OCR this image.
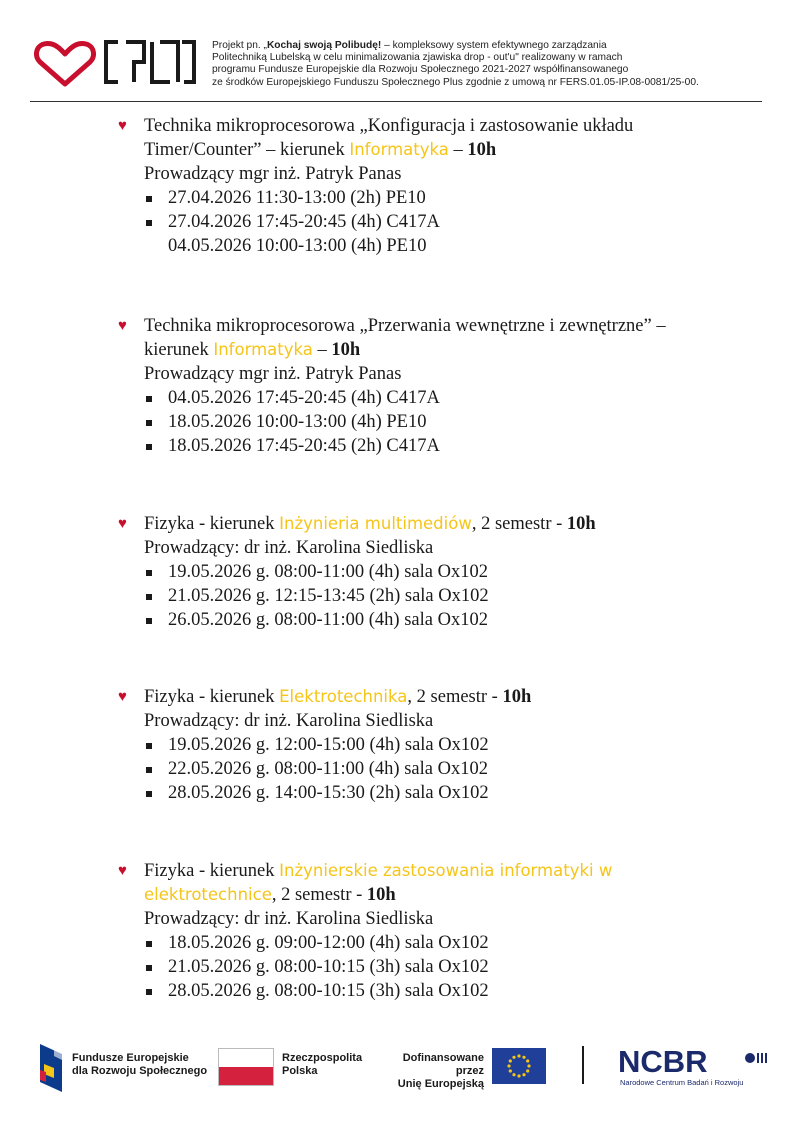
Projekt pn. „Kochaj swoją Polibudę! – kompleksowy system efektywnego zarządzania
Politechniką Lubelską w celu minimalizowania zjawiska drop - out'u" realizowany w ramach
programu Fundusze Europejskie dla Rozwoju Społecznego 2021-2027 współfinansowanego
ze środków Europejskiego Funduszu Społecznego Plus zgodnie z umową nr FERS.01.05-IP.08-0081/25-00.
♥ Technika mikroprocesorowa „Konfiguracja i zastosowanie układu
Timer/Counter” – kierunek Informatyka – 10h
Prowadzący mgr inż. Patryk Panas
27.04.2026 11:30-13:00 (2h) PE10
27.04.2026 17:45-20:45 (4h) C417A
04.05.2026 10:00-13:00 (4h) PE10
♥ Technika mikroprocesorowa „Przerwania wewnętrzne i zewnętrzne” –
kierunek Informatyka – 10h
Prowadzący mgr inż. Patryk Panas
04.05.2026 17:45-20:45 (4h) C417A
18.05.2026 10:00-13:00 (4h) PE10
18.05.2026 17:45-20:45 (2h) C417A
♥ Fizyka - kierunek Inżynieria multimediów, 2 semestr - 10h
Prowadzący: dr inż. Karolina Siedliska
19.05.2026 g. 08:00-11:00 (4h) sala Ox102
21.05.2026 g. 12:15-13:45 (2h) sala Ox102
26.05.2026 g. 08:00-11:00 (4h) sala Ox102
♥ Fizyka - kierunek Elektrotechnika, 2 semestr - 10h
Prowadzący: dr inż. Karolina Siedliska
19.05.2026 g. 12:00-15:00 (4h) sala Ox102
22.05.2026 g. 08:00-11:00 (4h) sala Ox102
28.05.2026 g. 14:00-15:30 (2h) sala Ox102
♥ Fizyka - kierunek Inżynierskie zastosowania informatyki w
elektrotechnice, 2 semestr - 10h
Prowadzący: dr inż. Karolina Siedliska
18.05.2026 g. 09:00-12:00 (4h) sala Ox102
21.05.2026 g. 08:00-10:15 (3h) sala Ox102
28.05.2026 g. 08:00-10:15 (3h) sala Ox102
Fundusze Europejskie
dla Rozwoju Społecznego
Rzeczpospolita
Polska
Dofinansowane przez
Unię Europejską
NCBR
Narodowe Centrum Badań i Rozwoju
